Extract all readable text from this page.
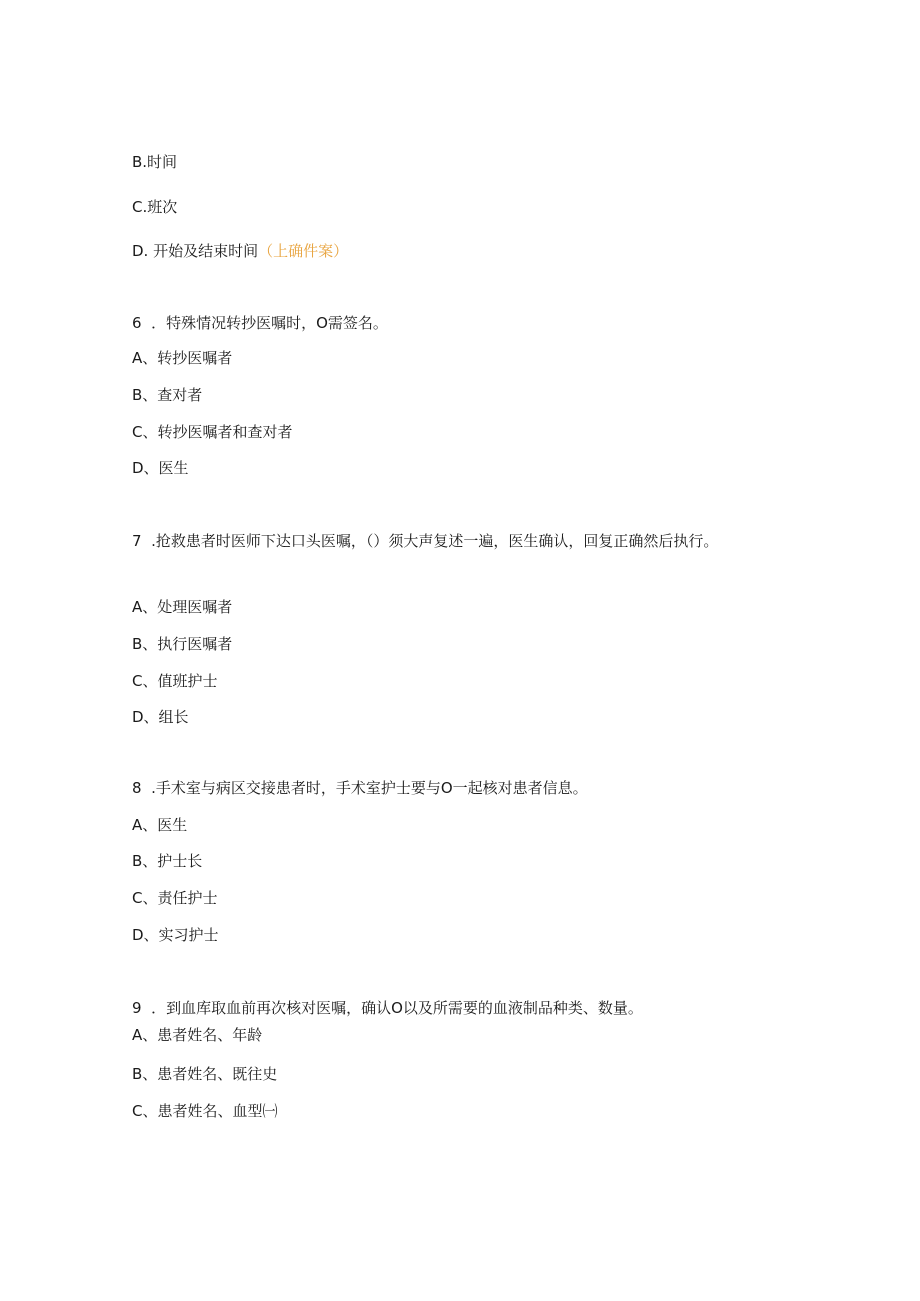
B.时间
C.班次
D. 开始及结束时间（上确件案）
6 ．特殊情况转抄医嘱时，O需签名。
A、转抄医嘱者
B、查对者
C、转抄医嘱者和查对者
D、医生
7 .抢救患者时医师下达口头医嘱，（）须大声复述一遍，医生确认，回复正确然后执行。
A、处理医嘱者
B、执行医嘱者
C、值班护士
D、组长
8 .手术室与病区交接患者时，手术室护士要与O一起核对患者信息。
A、医生
B、护士长
C、责任护士
D、实习护士
9 ．到血库取血前再次核对医嘱，确认O以及所需要的血液制品种类、数量。
A、患者姓名、年龄
B、患者姓名、既往史
C、患者姓名、血型㈠
